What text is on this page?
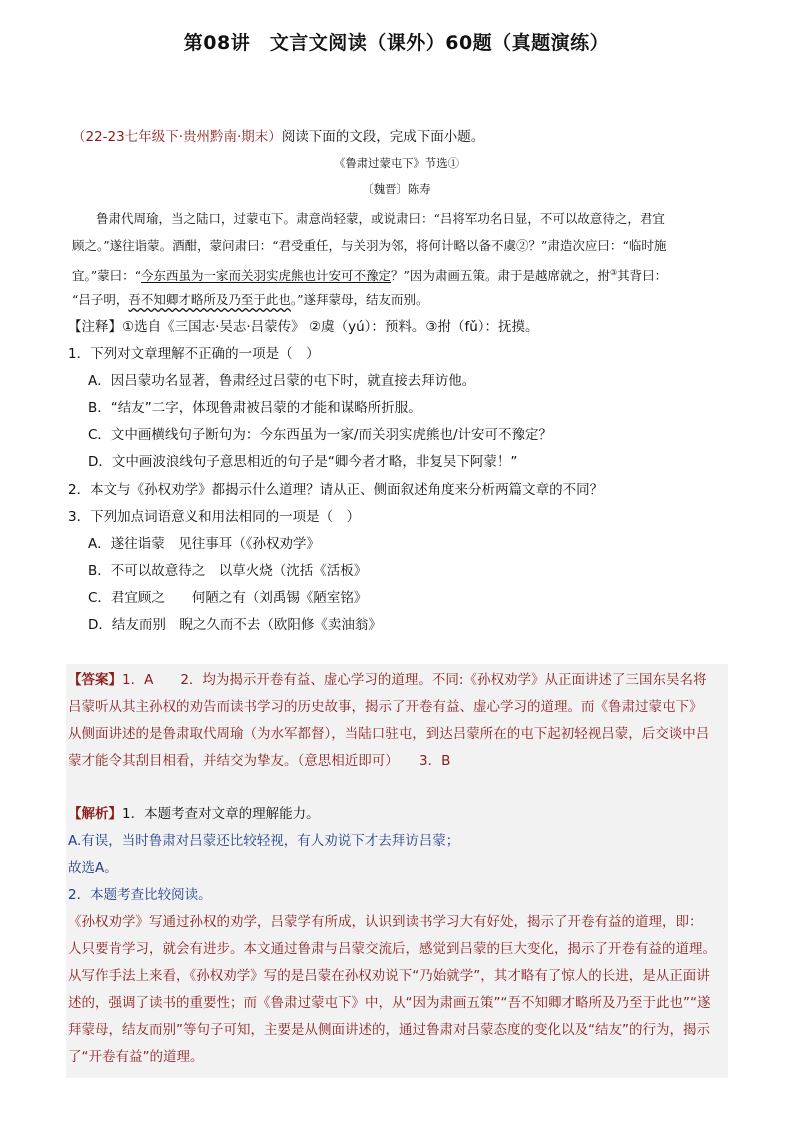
第08讲　文言文阅读（课外）60题（真题演练）
（22-23七年级下·贵州黔南·期末）阅读下面的文段，完成下面小题。
《鲁肃过蒙屯下》节选①
〔魏晋〕陈寿
鲁肃代周瑜，当之陆口，过蒙屯下。肃意尚轻蒙，或说肃曰：“吕将军功名日显，不可以故意待之，君宜
顾之。”遂往诣蒙。酒酣，蒙问肃曰：“君受重任，与关羽为邻，将何计略以备不虞②？”肃造次应曰：“临时施
宜。”蒙曰：“今东西虽为一家而关羽实虎熊也计安可不豫定？”因为肃画五策。肃于是越席就之，拊③其背曰：
“吕子明，吾不知卿才略所及乃至于此也。”遂拜蒙母，结友而别。
【注释】①选自《三国志·吴志·吕蒙传》 ②虞（yú）：预料。③拊（fǔ）：抚摸。
1．下列对文章理解不正确的一项是（　）
A．因吕蒙功名显著，鲁肃经过吕蒙的屯下时，就直接去拜访他。
B．“结友”二字，体现鲁肃被吕蒙的才能和谋略所折服。
C．文中画横线句子断句为：今东西虽为一家/而关羽实虎熊也/计安可不豫定？
D．文中画波浪线句子意思相近的句子是“卿今者才略，非复吴下阿蒙！”
2．本文与《孙权劝学》都揭示什么道理？请从正、侧面叙述角度来分析两篇文章的不同？
3．下列加点词语意义和用法相同的一项是（　）
A．遂往诣蒙　见往事耳（《孙权劝学》
B．不可以故意待之　以草火烧（沈括《活板》
C．君宜顾之　　何陋之有（刘禹锡《陋室铭》
D．结友而别　睨之久而不去（欧阳修《卖油翁》
【答案】1．A　　2．均为揭示开卷有益、虚心学习的道理。不同:《孙权劝学》从正面讲述了三国东吴名将
吕蒙听从其主孙权的劝告而读书学习的历史故事，揭示了开卷有益、虚心学习的道理。而《鲁肃过蒙屯下》
从侧面讲述的是鲁肃取代周瑜（为水军都督），当陆口驻屯，到达吕蒙所在的屯下起初轻视吕蒙，后交谈中吕
蒙才能令其刮目相看，并结交为挚友。（意思相近即可）　　3．B
【解析】1．本题考查对文章的理解能力。
A.有误，当时鲁肃对吕蒙还比较轻视，有人劝说下才去拜访吕蒙；
故选A。
2．本题考查比较阅读。
《孙权劝学》写通过孙权的劝学，吕蒙学有所成，认识到读书学习大有好处，揭示了开卷有益的道理，即：
人只要肯学习，就会有进步。本文通过鲁肃与吕蒙交流后，感觉到吕蒙的巨大变化，揭示了开卷有益的道理。
从写作手法上来看，《孙权劝学》写的是吕蒙在孙权劝说下“乃始就学”，其才略有了惊人的长进，是从正面讲
述的，强调了读书的重要性；而《鲁肃过蒙屯下》中，从“因为肃画五策”“吾不知卿才略所及乃至于此也”“遂
拜蒙母，结友而别”等句子可知，主要是从侧面讲述的，通过鲁肃对吕蒙态度的变化以及“结友”的行为，揭示
了“开卷有益”的道理。
